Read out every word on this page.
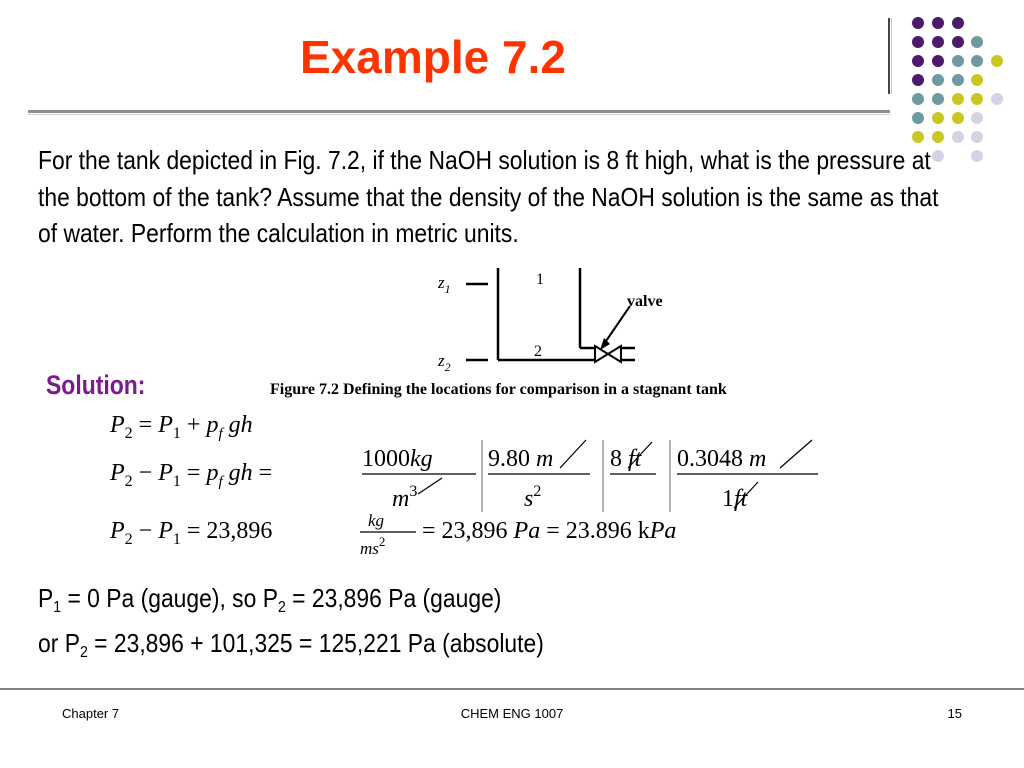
Example 7.2
For the tank depicted in Fig. 7.2, if the NaOH solution is 8 ft high, what is the pressure at the bottom of the tank? Assume that the density of the NaOH solution is the same as that of water. Perform the calculation in metric units.
$z_1$
$z_2$
1
2
valve
Figure 7.2 Defining the locations for comparison in a stagnant tank
Solution:
$P_2 = P_1 + p_f$ gh
$P_2 - P_1 = p_f$ gh =
1000kg
$m^3$
9.80 m
$s^2$
8 ft 0.3048 m
1ft
$P_2 - P_1 = 23,896$	kg
$ms^2 = 23,896$ Pa = 23.896 kPa
$P_1 = 0$ Pa (gauge), so $P_2 = 23,896$ Pa (gauge)
or $P_2 = 23,896 + 101,325 = 125,221$ Pa (absolute)
Chapter 7	CHEM ENG 1007	15
